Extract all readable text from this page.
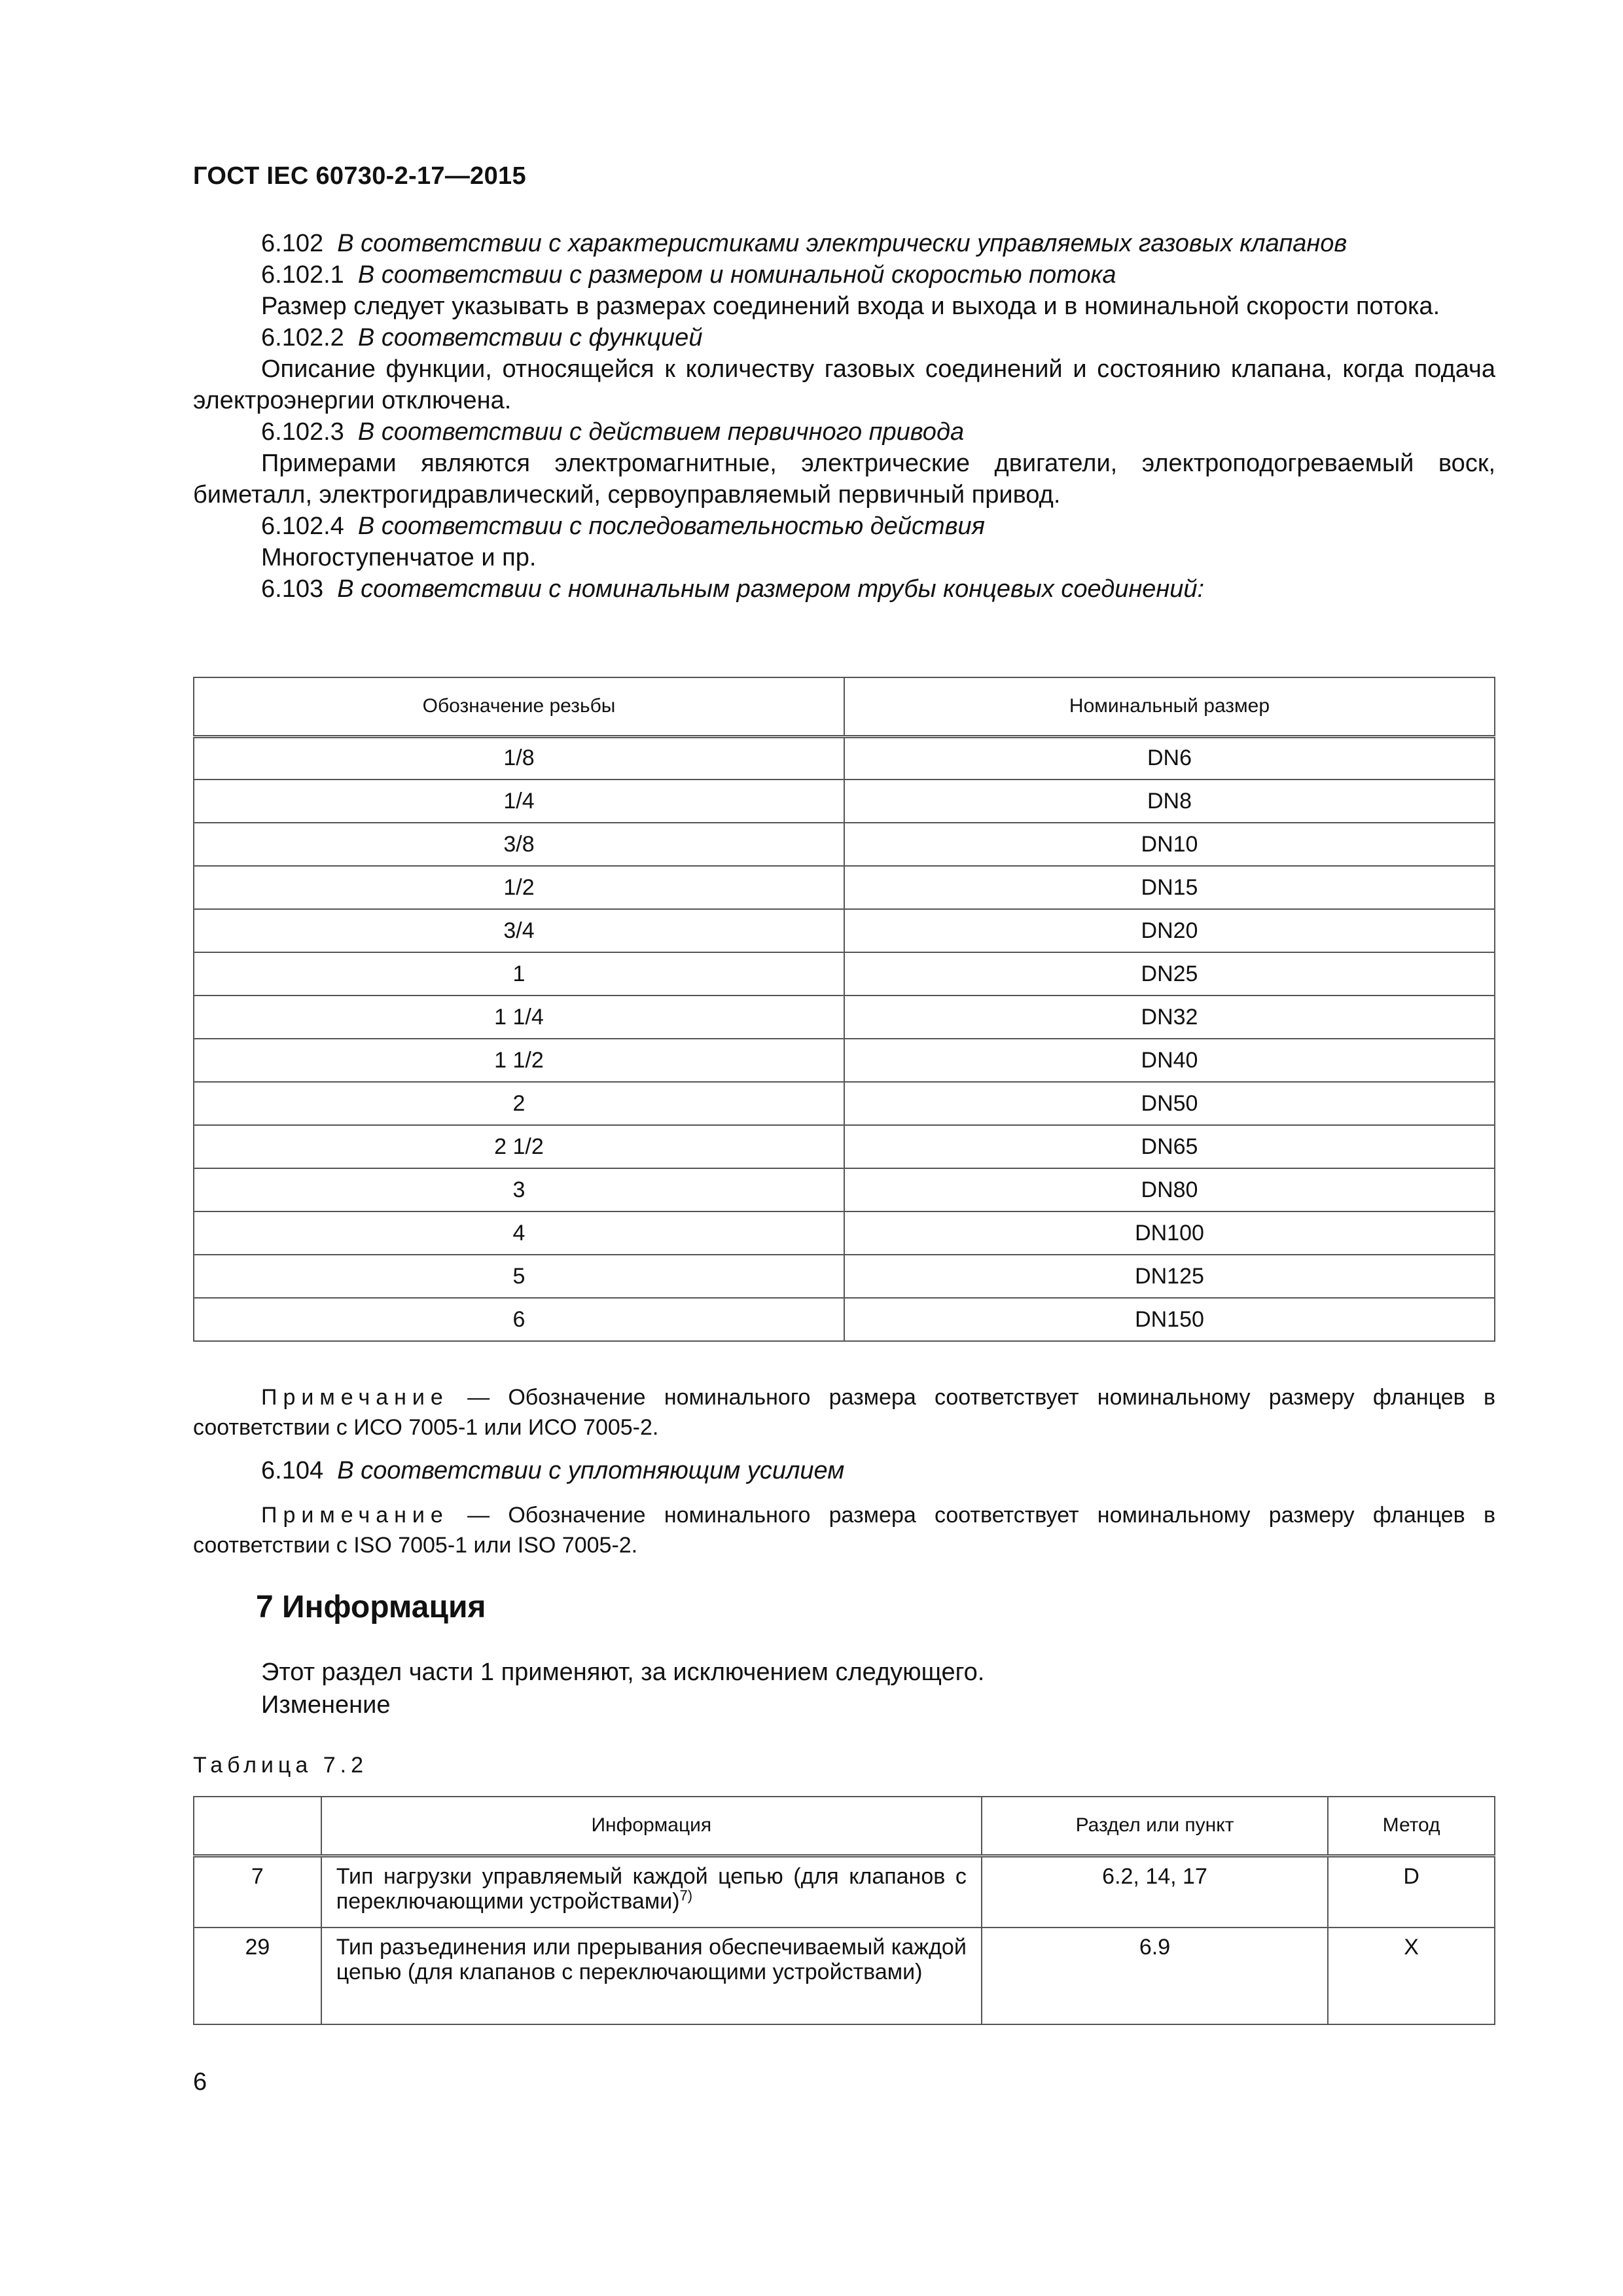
ГОСТ IEC 60730-2-17—2015

6.102 В соответствии с характеристиками электрически управляемых газовых клапанов

6.102.1 В соответствии с размером и номинальной скоростью потока

Размер следует указывать в размерах соединений входа и выхода и в номинальной скорости потока.

6.102.2 В соответствии с функцией

Описание функции, относящейся к количеству газовых соединений и состоянию клапана, когда подача электроэнергии отключена.

6.102.3 В соответствии с действием первичного привода

Примерами являются электромагнитные, электрические двигатели, электроподогреваемый воск, биметалл, электрогидравлический, сервоуправляемый первичный привод.

6.102.4 В соответствии с последовательностью действия

Многоступенчатое и пр.

6.103 В соответствии с номинальным размером трубы концевых соединений:

Обозначение резьбы	Номинальный размер
1/8	DN6
1/4	DN8
3/8	DN10
1/2	DN15
3/4	DN20
1	DN25
1 1/4	DN32
1 1/2	DN40
2	DN50
2 1/2	DN65
3	DN80
4	DN100
5	DN125
6	DN150

Примечание — Обозначение номинального размера соответствует номинальному размеру фланцев в соответствии с ИСО 7005-1 или ИСО 7005-2.

6.104 В соответствии с уплотняющим усилием

Примечание — Обозначение номинального размера соответствует номинальному размеру фланцев в соответствии с ISO 7005-1 или ISO 7005-2.

7 Информация

Этот раздел части 1 применяют, за исключением следующего.

Изменение

Таблица 7.2
	Информация	Раздел или пункт	Метод
7	Тип нагрузки управляемый каждой цепью (для клапанов с переключающими устройствами)$^{7)}$	6.2, 14, 17	D
29	Тип разъединения или прерывания обеспечиваемый каждой цепью (для клапанов с переключающими устройствами)	6.9	X
6
